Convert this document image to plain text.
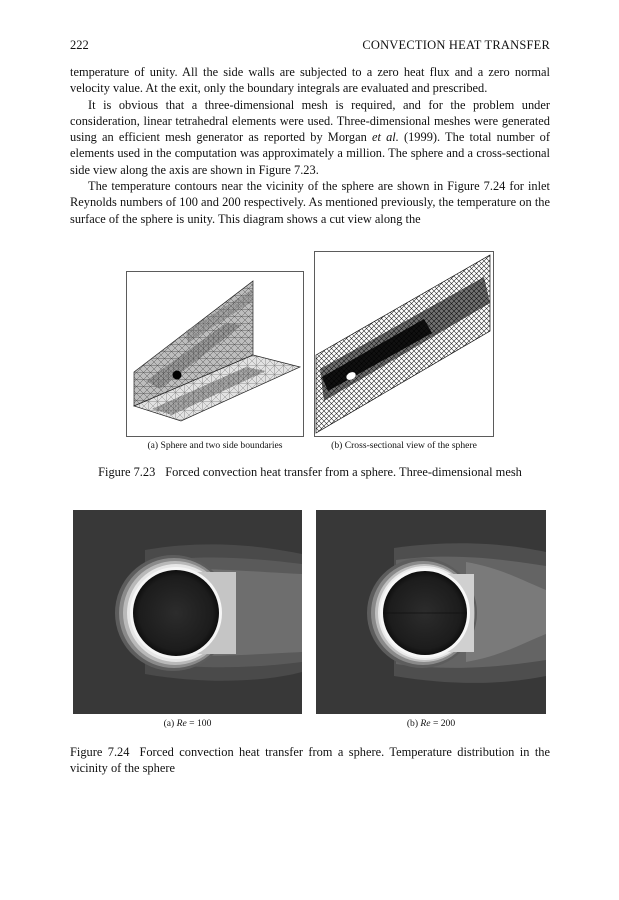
222	CONVECTION HEAT TRANSFER

temperature of unity. All the side walls are subjected to a zero heat flux and a zero normal velocity value. At the exit, only the boundary integrals are evaluated and prescribed.

It is obvious that a three-dimensional mesh is required, and for the problem under consideration, linear tetrahedral elements were used. Three-dimensional meshes were generated using an efficient mesh generator as reported by Morgan et al. (1999). The total number of elements used in the computation was approximately a million. The sphere and a cross-sectional side view along the axis are shown in Figure 7.23.

The temperature contours near the vicinity of the sphere are shown in Figure 7.24 for inlet Reynolds numbers of 100 and 200 respectively. As mentioned previously, the temperature on the surface of the sphere is unity. This diagram shows a cut view along the

(a) Sphere and two side boundaries	(b) Cross-sectional view of the sphere
Figure 7.23 Forced convection heat transfer from a sphere. Three-dimensional mesh
(a) Re = 100	(b) Re = 200
Figure 7.24 Forced convection heat transfer from a sphere. Temperature distribution in the vicinity of the sphere
